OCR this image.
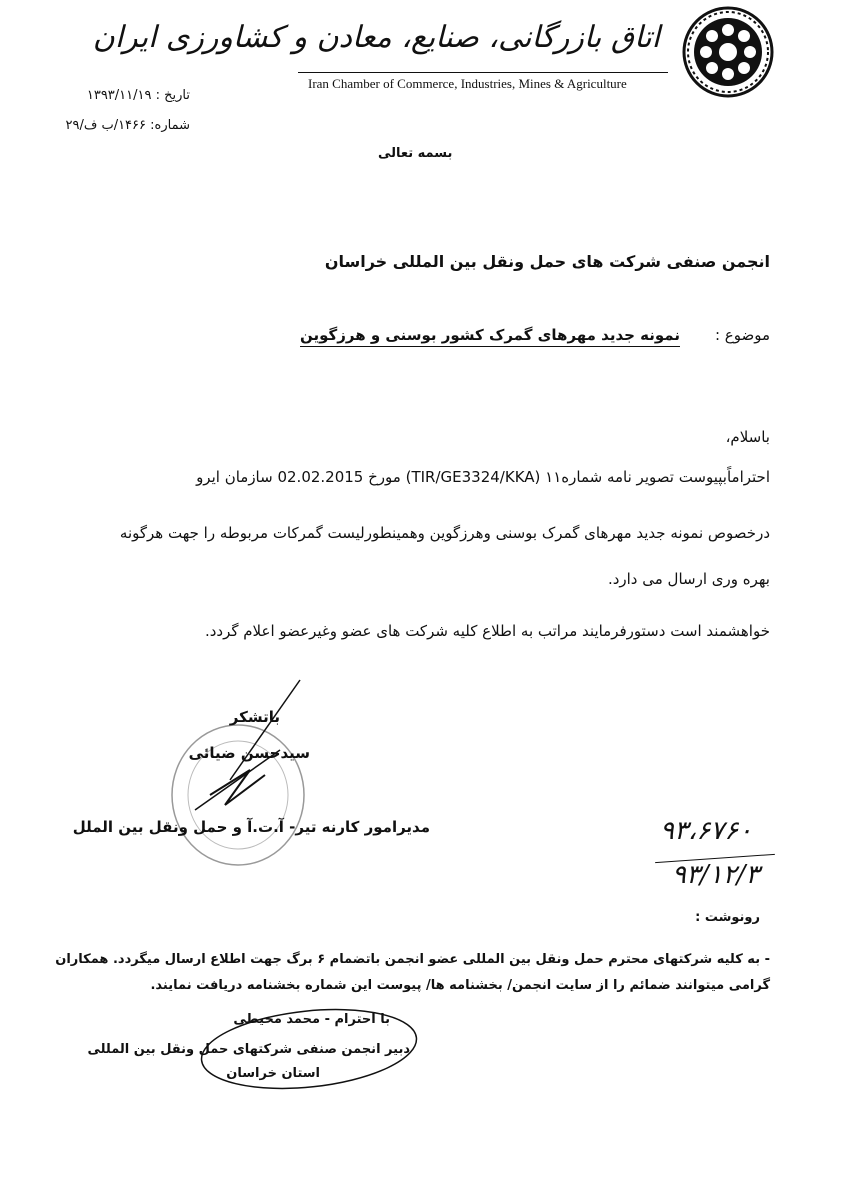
اتاق بازرگانی، صنایع، معادن و کشاورزی ایران
Iran Chamber of Commerce, Industries, Mines & Agriculture
تاریخ : ۱۳۹۳/۱۱/۱۹
شماره: ۱۴۶۶/ب ف/۲۹
بسمه تعالی
انجمن صنفی شرکت های حمل ونقل بین المللی خراسان
موضوع :
نمونه جدید مهرهای گمرک کشور بوسنی و هرزگوین
باسلام،
احتراماًبپیوست تصویر نامه شماره۱۱ (TIR/GE3324/KKA) مورخ 02.02.2015 سازمان ایرو
درخصوص نمونه جدید مهرهای گمرک بوسنی وهرزگوین وهمینطورلیست گمرکات مربوطه را جهت هرگونه
بهره وری ارسال می دارد.
خواهشمند است دستورفرمایند مراتب به اطلاع کلیه شرکت های عضو وغیرعضو اعلام گردد.
باتشکر
سیدحسن ضیائی
مدیرامور کارنه تیر- آ.ت.آ و حمل ونقل بین الملل	۹۳،۶۷۶۰
۹۳/۱۲/۳
رونوشت :
- به کلیه شرکتهای محترم حمل ونقل بین المللی عضو انجمن باتضمام ۶ برگ جهت اطلاع ارسال میگردد. همکاران
گرامی میتوانند ضمائم را از سایت انجمن/ بخشنامه ها/ پیوست این شماره بخشنامه دریافت نمایند.
با احترام - محمد محیطی
دبیر انجمن صنفی شرکتهای حمل ونقل بین المللی
استان خراسان
